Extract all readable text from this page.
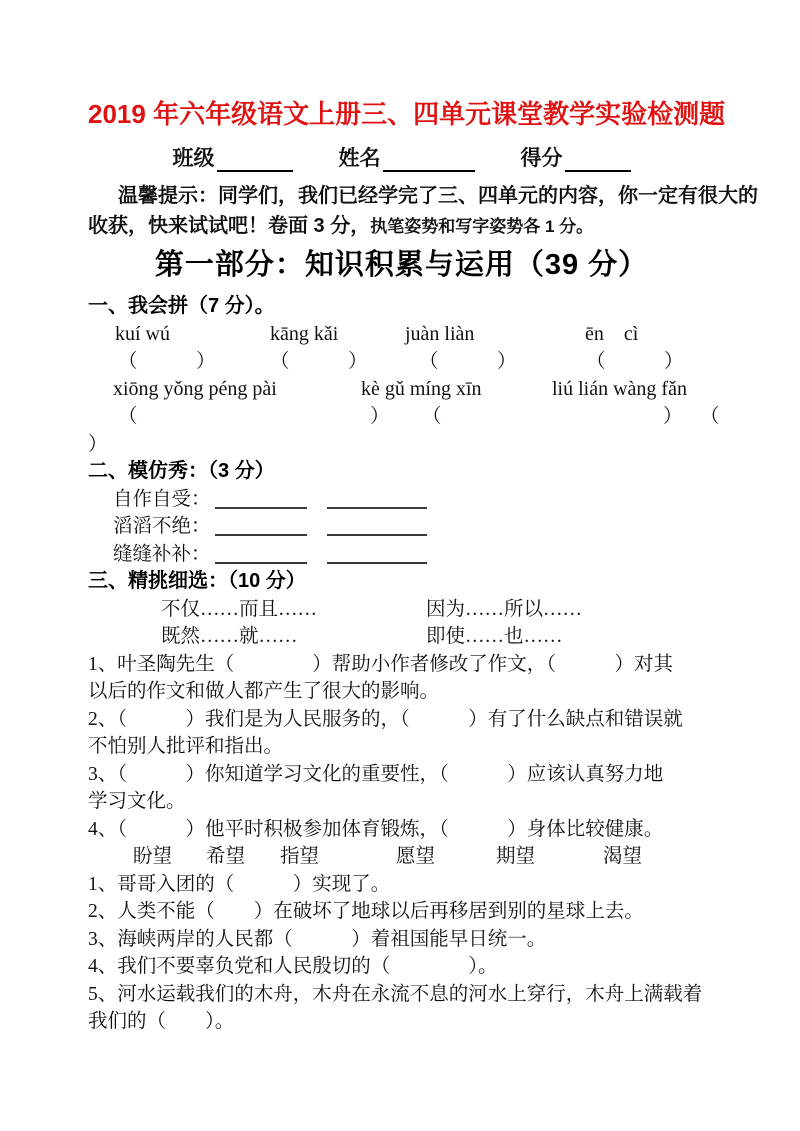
2019 年六年级语文上册三、四单元课堂教学实验检测题
班级	姓名	得分
温馨提示：同学们，我们已经学完了三、四单元的内容，你一定有很大的
收获，快来试试吧！卷面 3 分，执笔姿势和写字姿势各 1 分。
第一部分：知识积累与运用（39 分）
一、我会拼（7 分）。
kuí wú	kāng kǎi	juàn liàn	ēn　cì
（　　　）	（　　　）	（　　　）	（　　　）
xiōng yǒng péng pài	kè gǔ míng xīn	liú lián wàng fǎn
（	） （	） （
）
二、模仿秀：（3 分）
自作自受：
滔滔不绝：
缝缝补补：
三、精挑细选：（10 分）
不仅……而且……	因为……所以……
既然……就……	即使……也……
1、叶圣陶先生（　　　　）帮助小作者修改了作文，（　　　）对其
以后的作文和做人都产生了很大的影响。
2、（　　　）我们是为人民服务的，（　　　）有了什么缺点和错误就
不怕别人批评和指出。
3、（　　　）你知道学习文化的重要性，（　　　）应该认真努力地
学习文化。
4、（　　　）他平时积极参加体育锻炼，（　　　）身体比较健康。
盼望 希望 指望	愿望	期望	渴望
1、哥哥入团的（　　　）实现了。
2、人类不能（　　）在破坏了地球以后再移居到别的星球上去。
3、海峡两岸的人民都（　　　）着祖国能早日统一。
4、我们不要辜负党和人民殷切的（　　　　）。
5、河水运载我们的木舟，木舟在永流不息的河水上穿行，木舟上满载着
我们的（　　）。
